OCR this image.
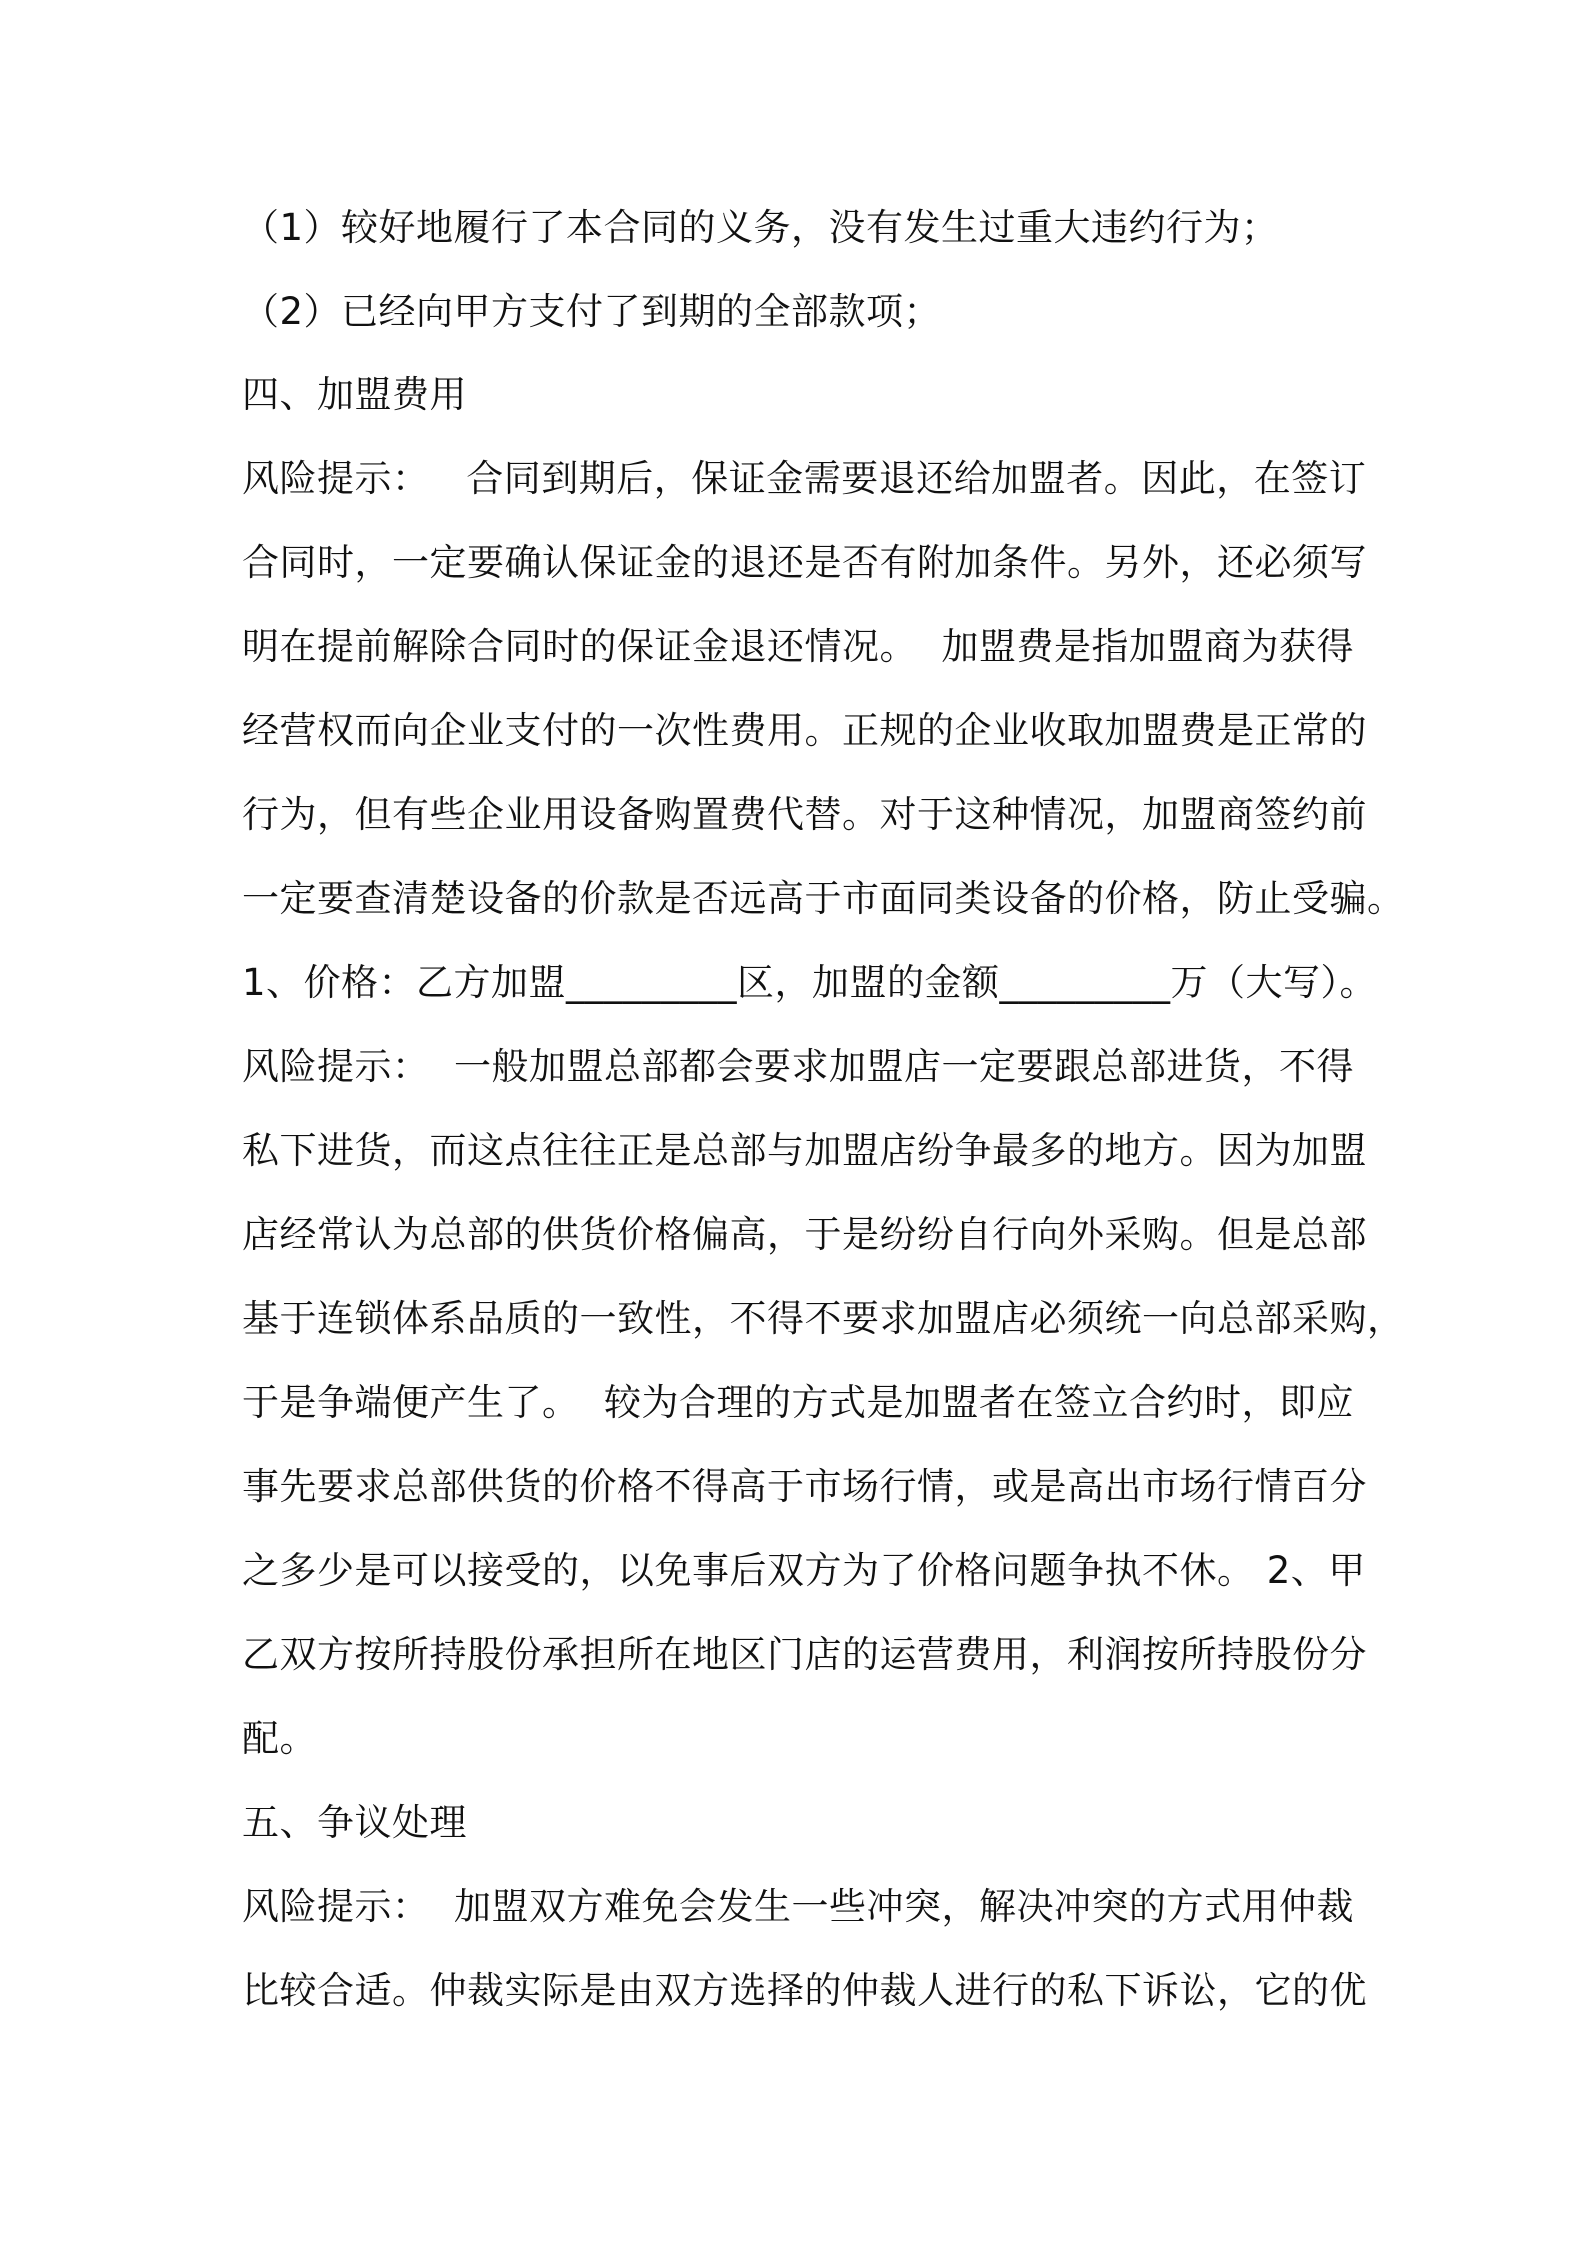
（1）较好地履行了本合同的义务，没有发生过重大违约行为；
（2）已经向甲方支付了到期的全部款项；
四、加盟费用
风险提示：   合同到期后，保证金需要退还给加盟者。因此，在签订
合同时，一定要确认保证金的退还是否有附加条件。另外，还必须写
明在提前解除合同时的保证金退还情况。  加盟费是指加盟商为获得
经营权而向企业支付的一次性费用。正规的企业收取加盟费是正常的
行为，但有些企业用设备购置费代替。对于这种情况，加盟商签约前
一定要查清楚设备的价款是否远高于市面同类设备的价格，防止受骗。
1、价格：乙方加盟_________区，加盟的金额_________万（大写）。
风险提示：  一般加盟总部都会要求加盟店一定要跟总部进货，不得
私下进货，而这点往往正是总部与加盟店纷争最多的地方。因为加盟
店经常认为总部的供货价格偏高，于是纷纷自行向外采购。但是总部
基于连锁体系品质的一致性，不得不要求加盟店必须统一向总部采购，
于是争端便产生了。  较为合理的方式是加盟者在签立合约时，即应
事先要求总部供货的价格不得高于市场行情，或是高出市场行情百分
之多少是可以接受的，以免事后双方为了价格问题争执不休。 2、甲
乙双方按所持股份承担所在地区门店的运营费用，利润按所持股份分
配。
五、争议处理
风险提示：  加盟双方难免会发生一些冲突，解决冲突的方式用仲裁
比较合适。仲裁实际是由双方选择的仲裁人进行的私下诉讼，它的优
